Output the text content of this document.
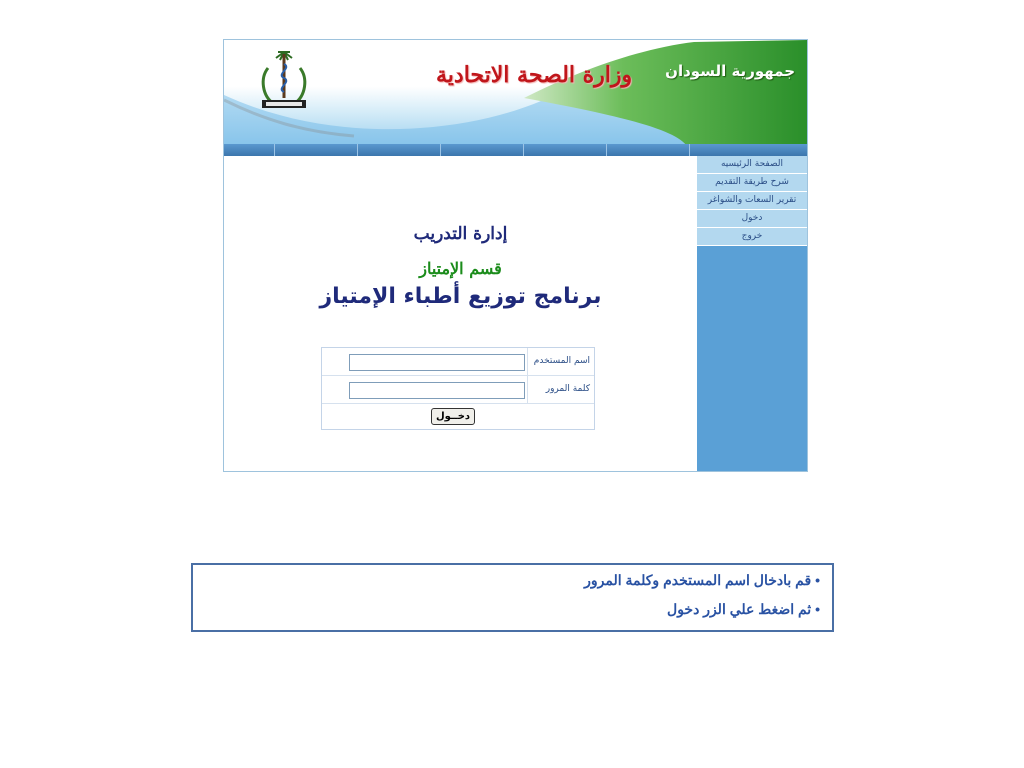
وزارة الصحة الاتحادية جمهورية السودان
الصفحة الرئيسيه
شرح طريقة التقديم
تقرير السعات والشواغر
دخول
خروج
إدارة التدريب
قسم الإمتياز
برنامج توزيع أطباء الإمتياز
اسم المستخدم
كلمة المرور
دخــول
• قم بادخال اسم المستخدم وكلمة المرور
• ثم اضغط علي الزر دخول
